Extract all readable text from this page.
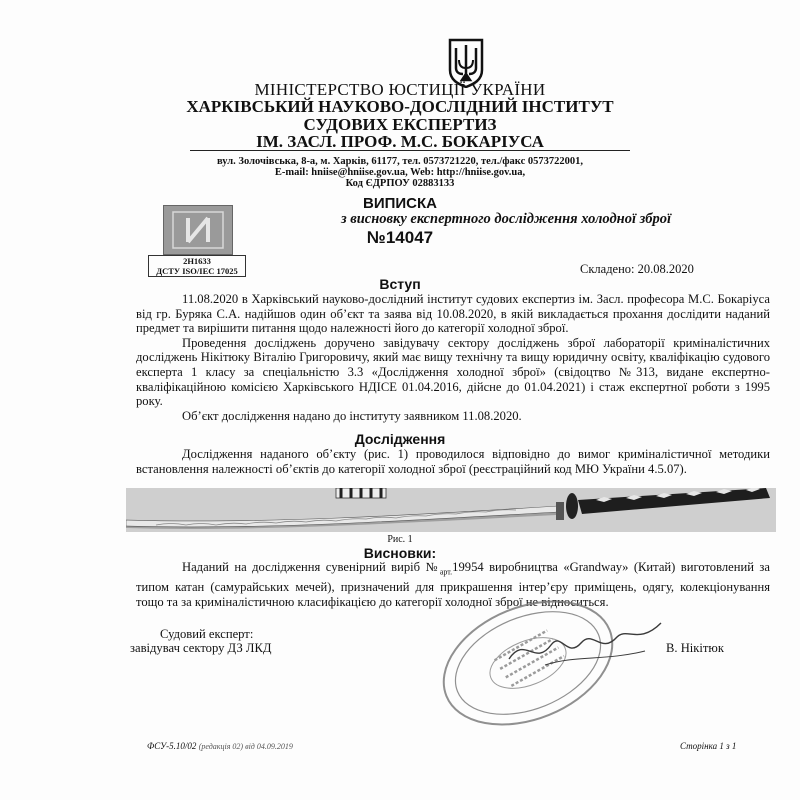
МІНІСТЕРСТВО ЮСТИЦІЇ УКРАЇНИ
ХАРКІВСЬКИЙ НАУКОВО-ДОСЛІДНИЙ ІНСТИТУТ
СУДОВИХ ЕКСПЕРТИЗ
ІМ. ЗАСЛ. ПРОФ. М.С. БОКАРІУСА
вул. Золочівська, 8-а, м. Харків, 61177, тел. 0573721220, тел./факс 0573722001,
E-mail: hniise@hniise.gov.ua, Web: http://hniise.gov.ua,
Код ЄДРПОУ 02883133
2Н1633
ДСТУ ISO/IEC 17025
ВИПИСКА
з висновку експертного дослідження холодної зброї
№14047
Складено: 20.08.2020
Вступ

11.08.2020 в Харківський науково-дослідний інститут судових експертиз ім. Засл. професора М.С. Бокаріуса від гр. Буряка С.А. надійшов один об’єкт та заява від 10.08.2020, в якій викладається прохання дослідити наданий предмет та вирішити питання щодо належності його до категорії холодної зброї.

Проведення досліджень доручено завідувачу сектору досліджень зброї лабораторії криміналістичних досліджень Нікітюку Віталію Григоровичу, який має вищу технічну та вищу юридичну освіту, кваліфікацію судового експерта 1 класу за спеціальністю 3.3 «Дослідження холодної зброї» (свідоцтво №313, видане експертно-кваліфікаційною комісією Харківського НДІСЕ 01.04.2016, дійсне до 01.04.2021) і стаж експертної роботи з 1995 року.

Об’єкт дослідження надано до інституту заявником 11.08.2020.

Дослідження

Дослідження наданого об’єкту (рис. 1) проводилося відповідно до вимог криміналістичної методики встановлення належності об’єктів до категорії холодної зброї (реєстраційний код МЮ України 4.5.07).

Рис. 1
Висновки:

Наданий на дослідження сувенірний виріб $№_{арт.}19954$ виробництва «Grandway» (Китай) виготовлений за типом катан (самурайських мечей), призначений для прикрашення інтер’єру приміщень, одягу, колекціонування тощо та за криміналістичною класифікацією до категорії холодної зброї не відноситься.

Судовий експерт:
завідувач сектору ДЗ ЛКД	В. Нікітюк
ФСУ-5.10/02 (редакція 02) від 04.09.2019	Сторінка 1 з 1
